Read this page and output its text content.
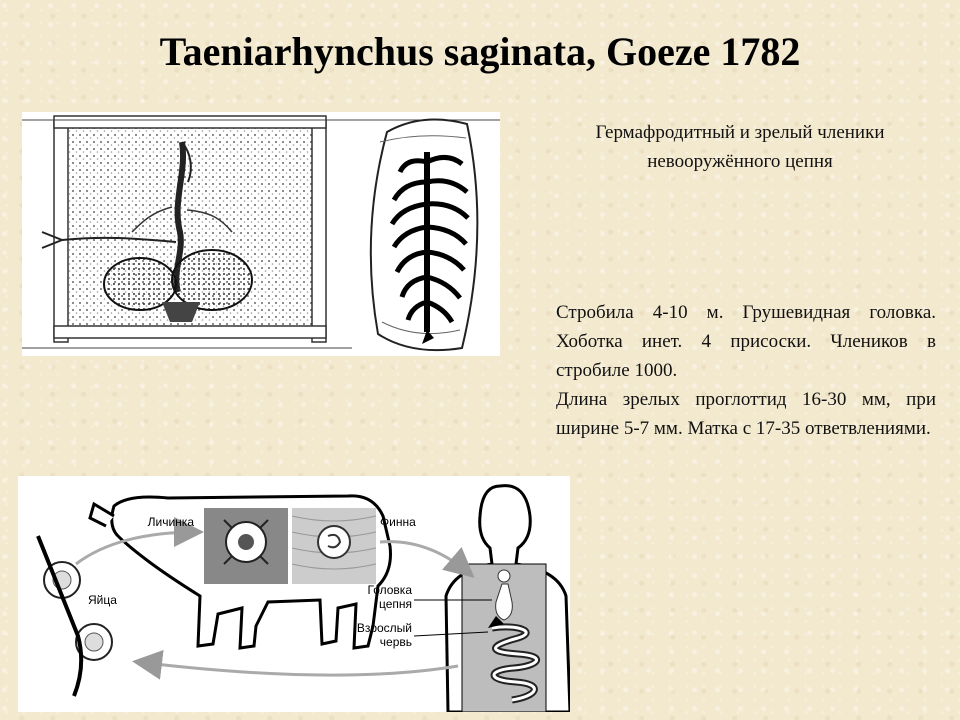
Taeniarhynchus saginata, Goeze 1782
Гермафродитный и зрелый членики невооружённого цепня

Стробила 4-10 м. Грушевидная головка. Хоботка инет. 4 присоски. Члеников в стробиле 1000.

Длина зрелых проглоттид 16-30 мм, при ширине 5-7 мм. Матка с 17-35 ответвлениями.

Личинка	Финна
Яйца
Головка
цепня
Взрослый
червь
